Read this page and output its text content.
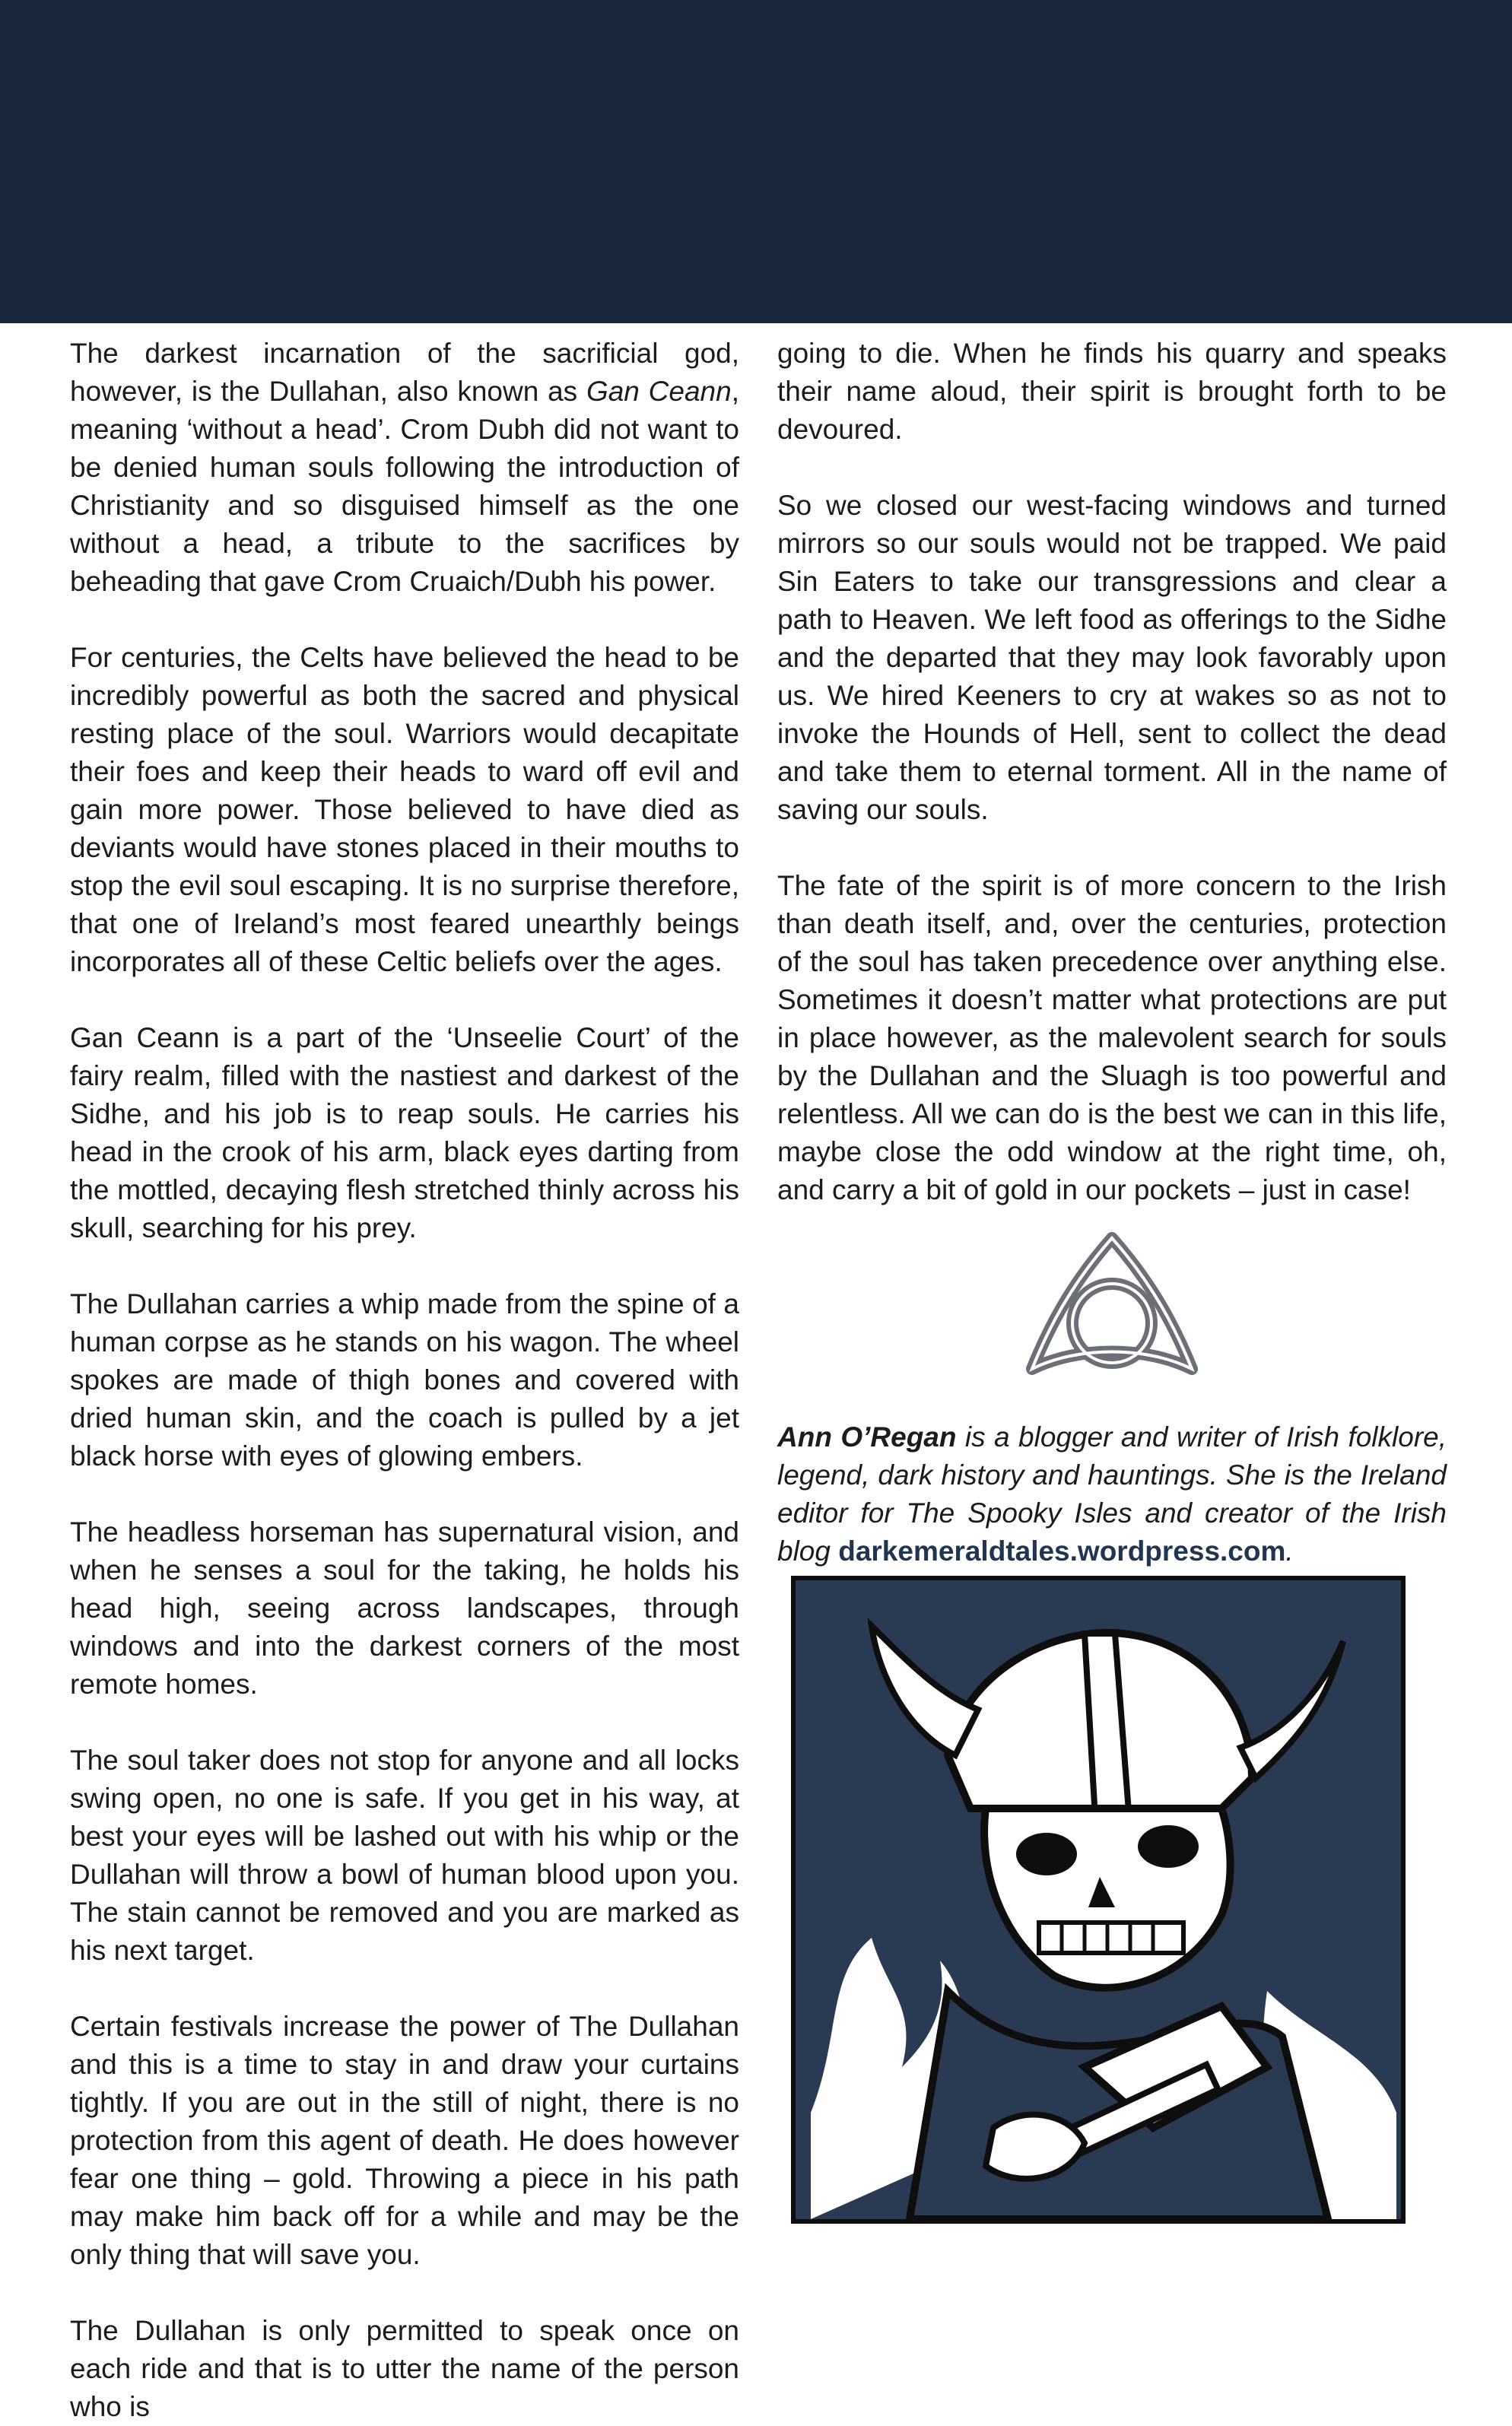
The darkest incarnation of the sacrificial god, however, is the Dullahan, also known as Gan Ceann, meaning ‘without a head’. Crom Dubh did not want to be denied human souls following the introduction of Christianity and so disguised himself as the one without a head, a tribute to the sacrifices by beheading that gave Crom Cruaich/Dubh his power.

For centuries, the Celts have believed the head to be incredibly powerful as both the sacred and physical resting place of the soul. Warriors would decapitate their foes and keep their heads to ward off evil and gain more power. Those believed to have died as deviants would have stones placed in their mouths to stop the evil soul escaping. It is no surprise therefore, that one of Ireland’s most feared unearthly beings incorporates all of these Celtic beliefs over the ages.

Gan Ceann is a part of the ‘Unseelie Court’ of the fairy realm, filled with the nastiest and darkest of the Sidhe, and his job is to reap souls. He carries his head in the crook of his arm, black eyes darting from the mottled, decaying flesh stretched thinly across his skull, searching for his prey.

The Dullahan carries a whip made from the spine of a human corpse as he stands on his wagon. The wheel spokes are made of thigh bones and covered with dried human skin, and the coach is pulled by a jet black horse with eyes of glowing embers.

The headless horseman has supernatural vision, and when he senses a soul for the taking, he holds his head high, seeing across landscapes, through windows and into the darkest corners of the most remote homes.

The soul taker does not stop for anyone and all locks swing open, no one is safe. If you get in his way, at best your eyes will be lashed out with his whip or the Dullahan will throw a bowl of human blood upon you. The stain cannot be removed and you are marked as his next target.

Certain festivals increase the power of The Dullahan and this is a time to stay in and draw your curtains tightly. If you are out in the still of night, there is no protection from this agent of death. He does however fear one thing – gold. Throwing a piece in his path may make him back off for a while and may be the only thing that will save you.

The Dullahan is only permitted to speak once on each ride and that is to utter the name of the person who is

going to die. When he finds his quarry and speaks their name aloud, their spirit is brought forth to be devoured.

So we closed our west-facing windows and turned mirrors so our souls would not be trapped. We paid Sin Eaters to take our transgressions and clear a path to Heaven. We left food as offerings to the Sidhe and the departed that they may look favorably upon us. We hired Keeners to cry at wakes so as not to invoke the Hounds of Hell, sent to collect the dead and take them to eternal torment. All in the name of saving our souls.

The fate of the spirit is of more concern to the Irish than death itself, and, over the centuries, protection of the soul has taken precedence over anything else. Sometimes it doesn’t matter what protections are put in place however, as the malevolent search for souls by the Dullahan and the Sluagh is too powerful and relentless. All we can do is the best we can in this life, maybe close the odd window at the right time, oh, and carry a bit of gold in our pockets – just in case!

Ann O’Regan is a blogger and writer of Irish folklore, legend, dark history and hauntings. She is the Ireland editor for The Spooky Isles and creator of the Irish blog darkemeraldtales.wordpress.com.
